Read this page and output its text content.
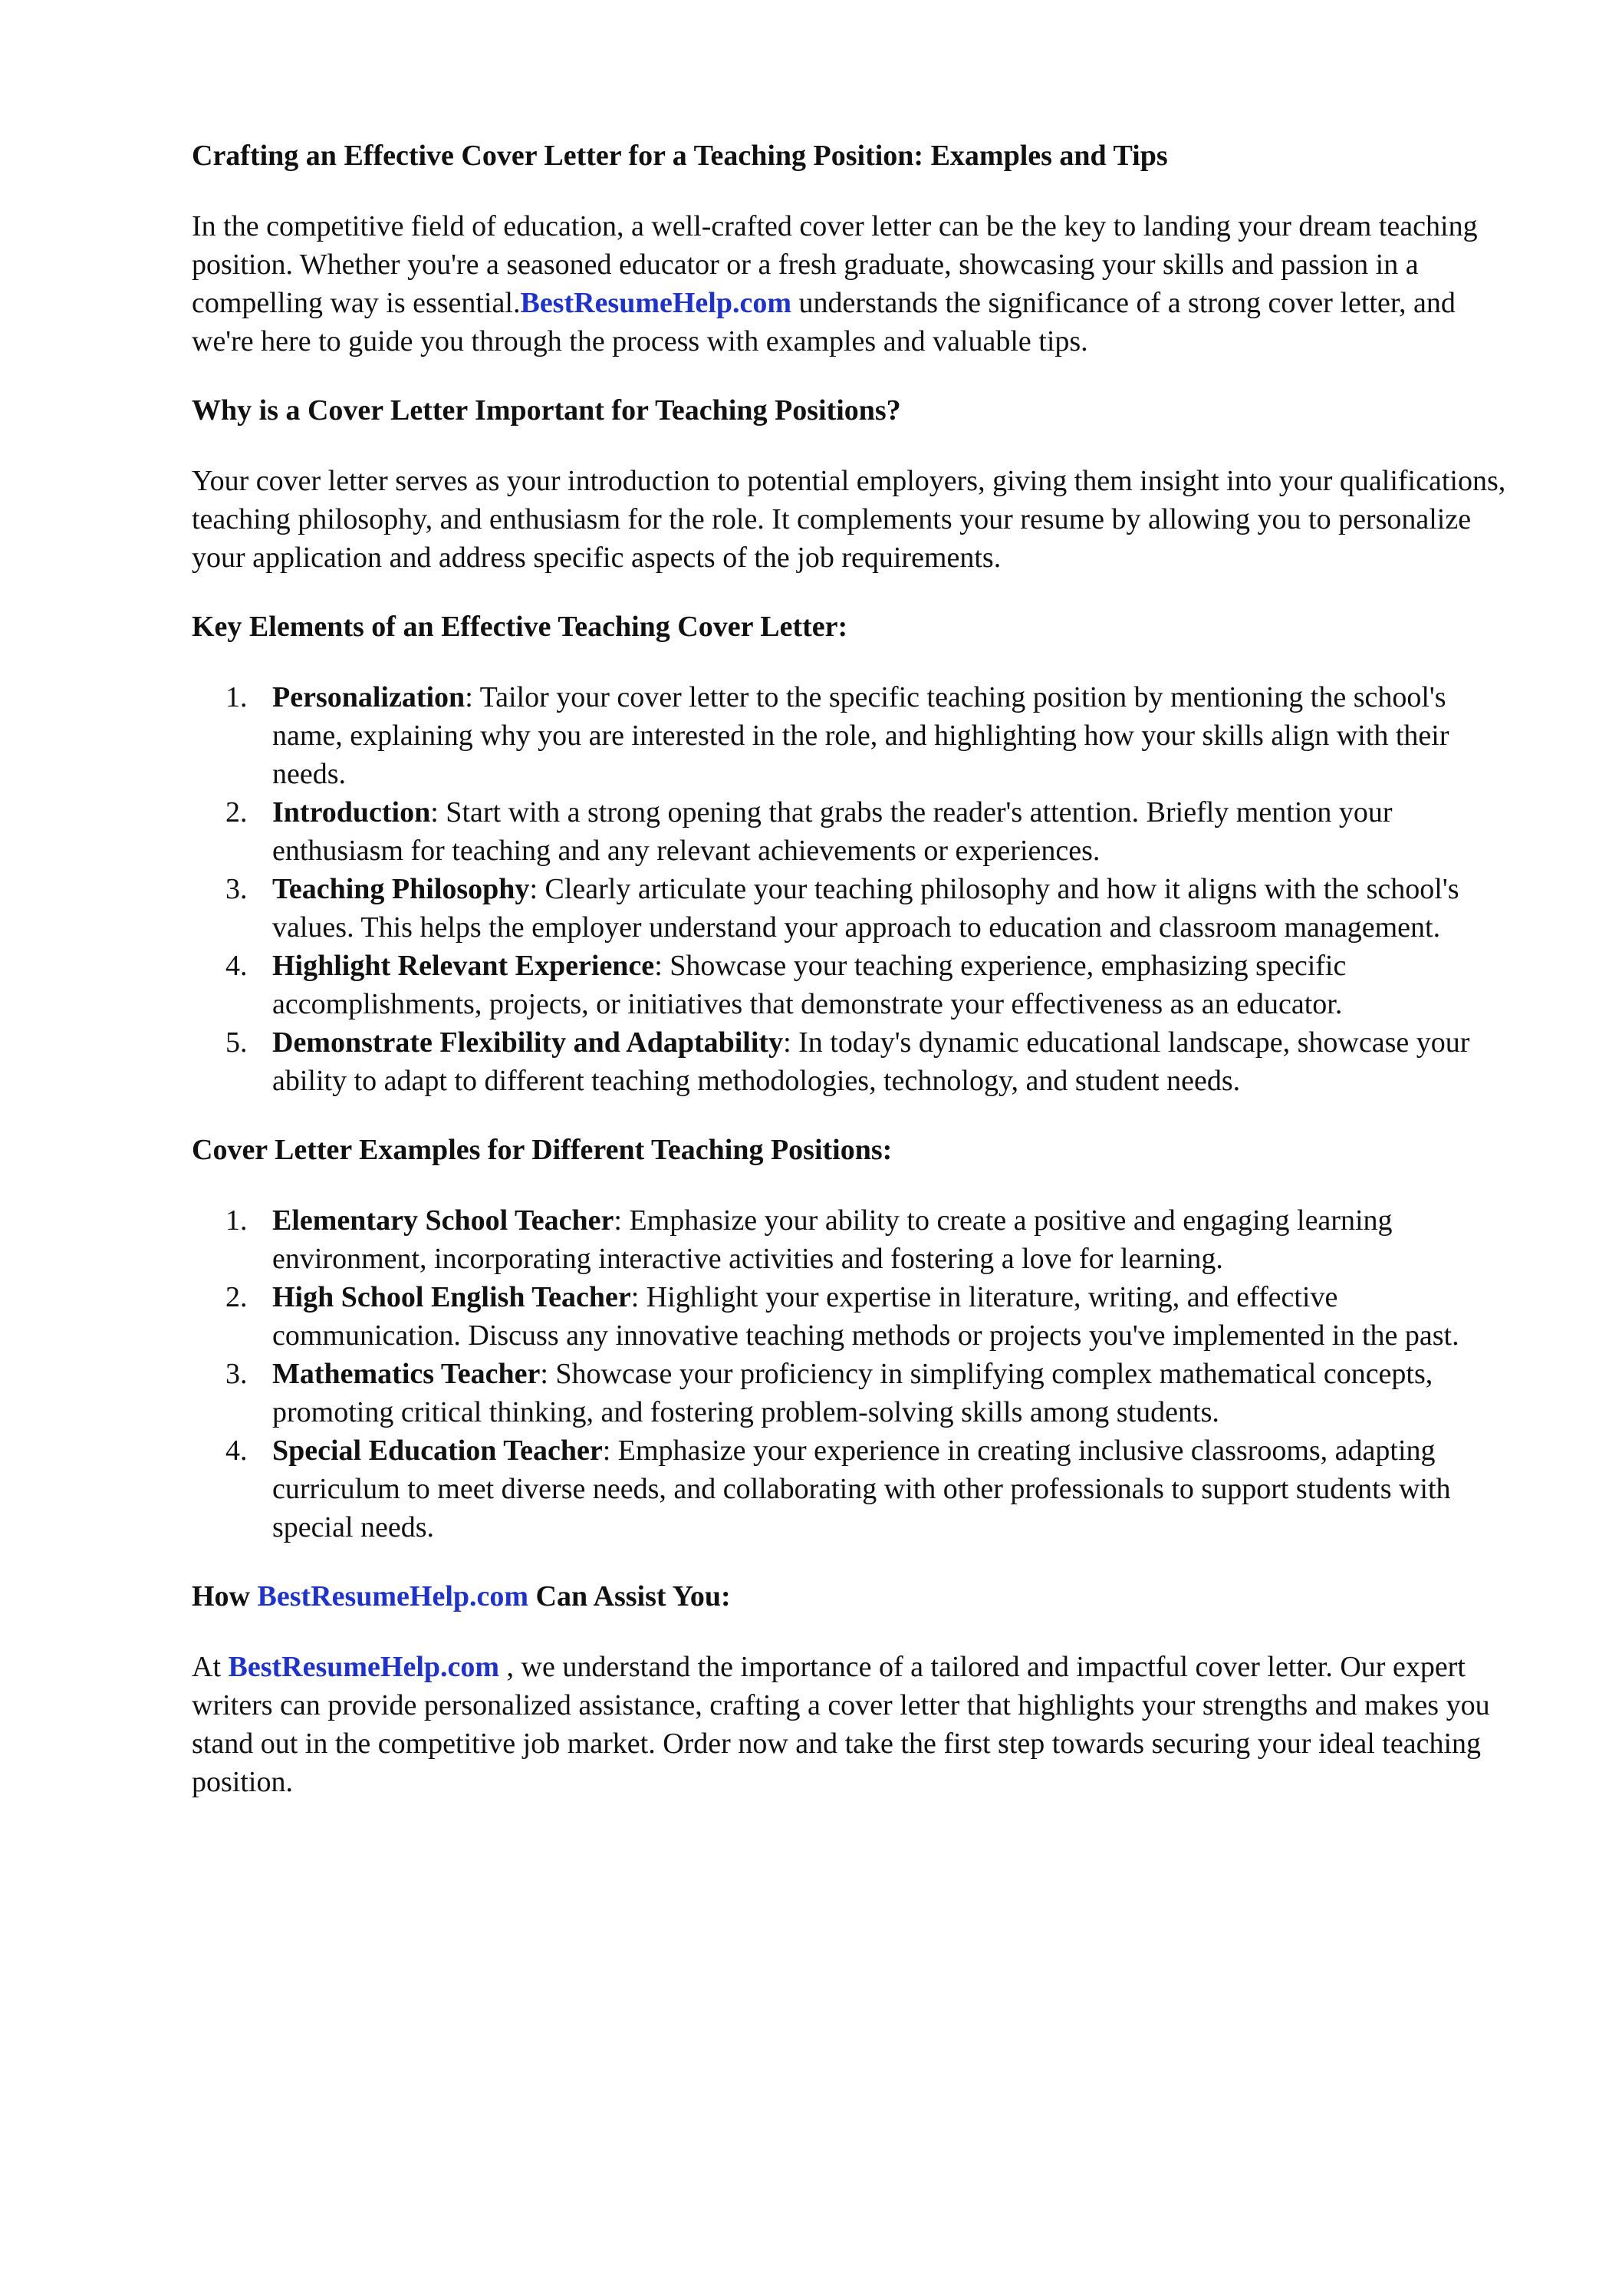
Crafting an Effective Cover Letter for a Teaching Position: Examples and Tips

In the competitive field of education, a well-crafted cover letter can be the key to landing your dream teaching position. Whether you're a seasoned educator or a fresh graduate, showcasing your skills and passion in a compelling way is essential.BestResumeHelp.com understands the significance of a strong cover letter, and we're here to guide you through the process with examples and valuable tips.

Why is a Cover Letter Important for Teaching Positions?

Your cover letter serves as your introduction to potential employers, giving them insight into your qualifications, teaching philosophy, and enthusiasm for the role. It complements your resume by allowing you to personalize your application and address specific aspects of the job requirements.

Key Elements of an Effective Teaching Cover Letter:
1. Personalization: Tailor your cover letter to the specific teaching position by mentioning the school's name, explaining why you are interested in the role, and highlighting how your skills align with their needs.
2. Introduction: Start with a strong opening that grabs the reader's attention. Briefly mention your enthusiasm for teaching and any relevant achievements or experiences.
3. Teaching Philosophy: Clearly articulate your teaching philosophy and how it aligns with the school's values. This helps the employer understand your approach to education and classroom management.
4. Highlight Relevant Experience: Showcase your teaching experience, emphasizing specific accomplishments, projects, or initiatives that demonstrate your effectiveness as an educator.
5. Demonstrate Flexibility and Adaptability: In today's dynamic educational landscape, showcase your ability to adapt to different teaching methodologies, technology, and student needs.
Cover Letter Examples for Different Teaching Positions:
1. Elementary School Teacher: Emphasize your ability to create a positive and engaging learning environment, incorporating interactive activities and fostering a love for learning.
2. High School English Teacher: Highlight your expertise in literature, writing, and effective communication. Discuss any innovative teaching methods or projects you've implemented in the past.
3. Mathematics Teacher: Showcase your proficiency in simplifying complex mathematical concepts, promoting critical thinking, and fostering problem-solving skills among students.
4. Special Education Teacher: Emphasize your experience in creating inclusive classrooms, adapting curriculum to meet diverse needs, and collaborating with other professionals to support students with special needs.
How BestResumeHelp.com Can Assist You:

At BestResumeHelp.com , we understand the importance of a tailored and impactful cover letter. Our expert writers can provide personalized assistance, crafting a cover letter that highlights your strengths and makes you stand out in the competitive job market. Order now and take the first step towards securing your ideal teaching position.
